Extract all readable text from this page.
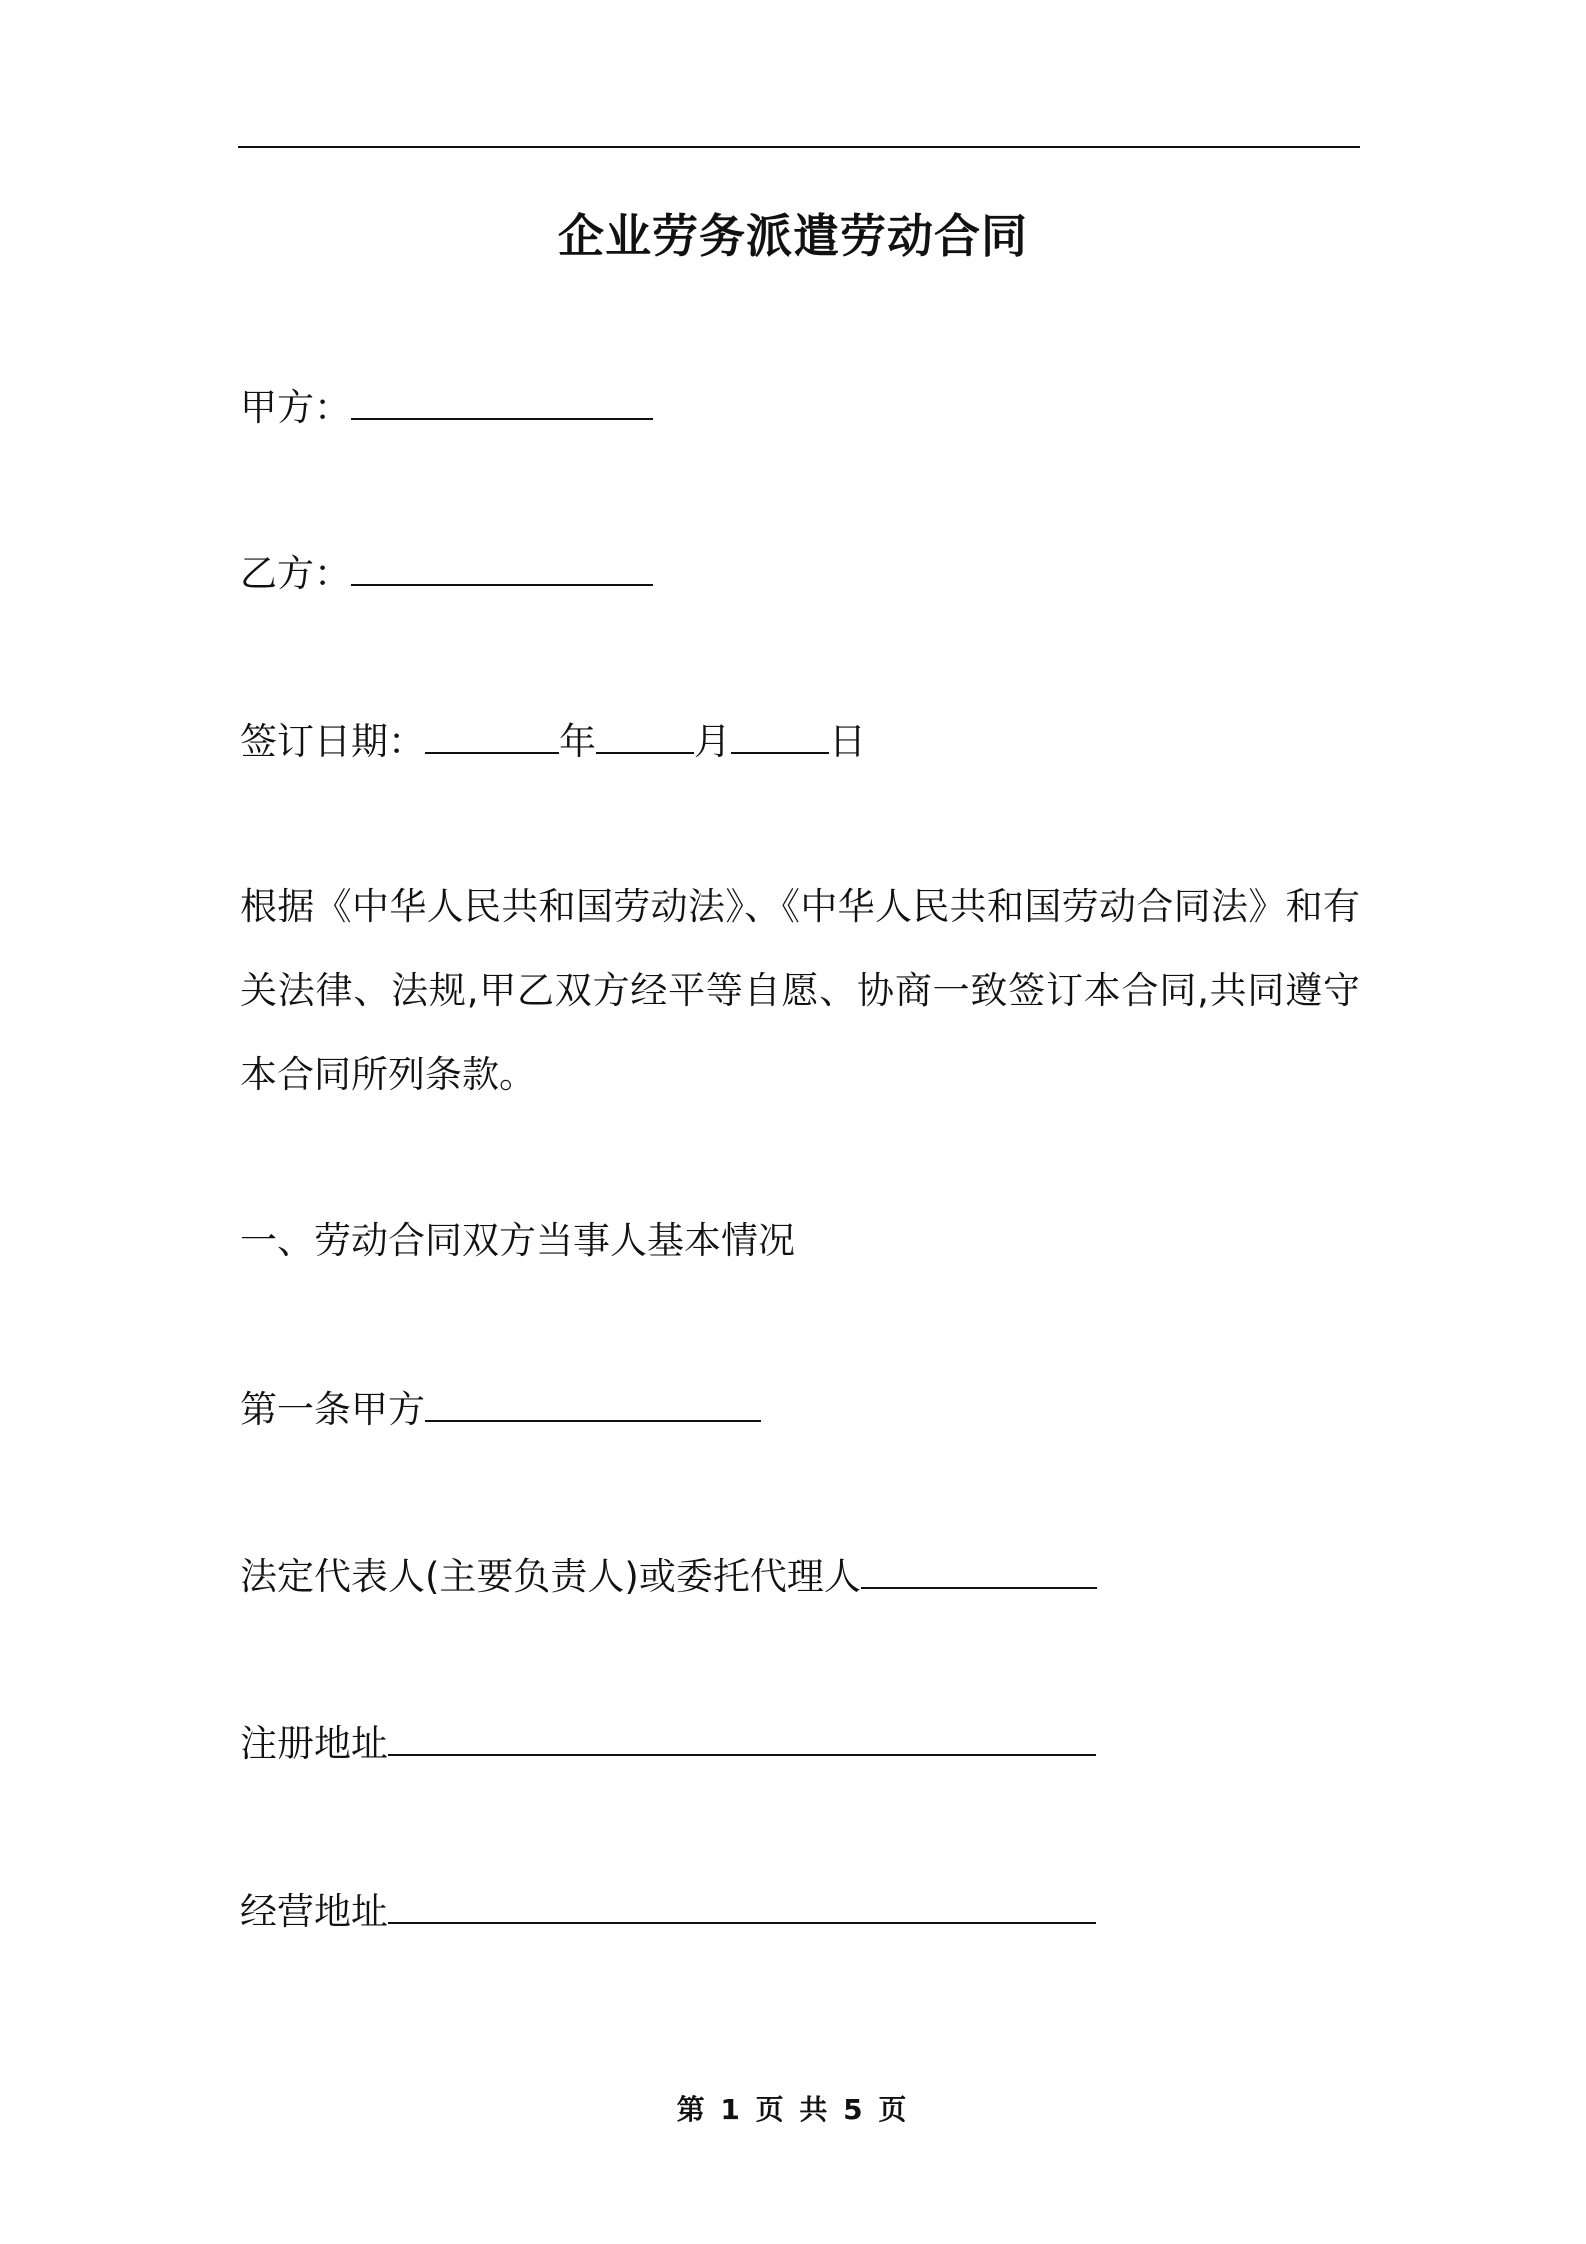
企业劳务派遣劳动合同
甲方：
乙方：
签订日期：	年	月	日
根据《中华人民共和国劳动法》、《中华人民共和国劳动合同法》和有关法律、法规,甲乙双方经平等自愿、协商一致签订本合同,共同遵守本合同所列条款。
一、劳动合同双方当事人基本情况
第一条甲方
法定代表人(主要负责人)或委托代理人
注册地址
经营地址
第 1 页 共 5 页
